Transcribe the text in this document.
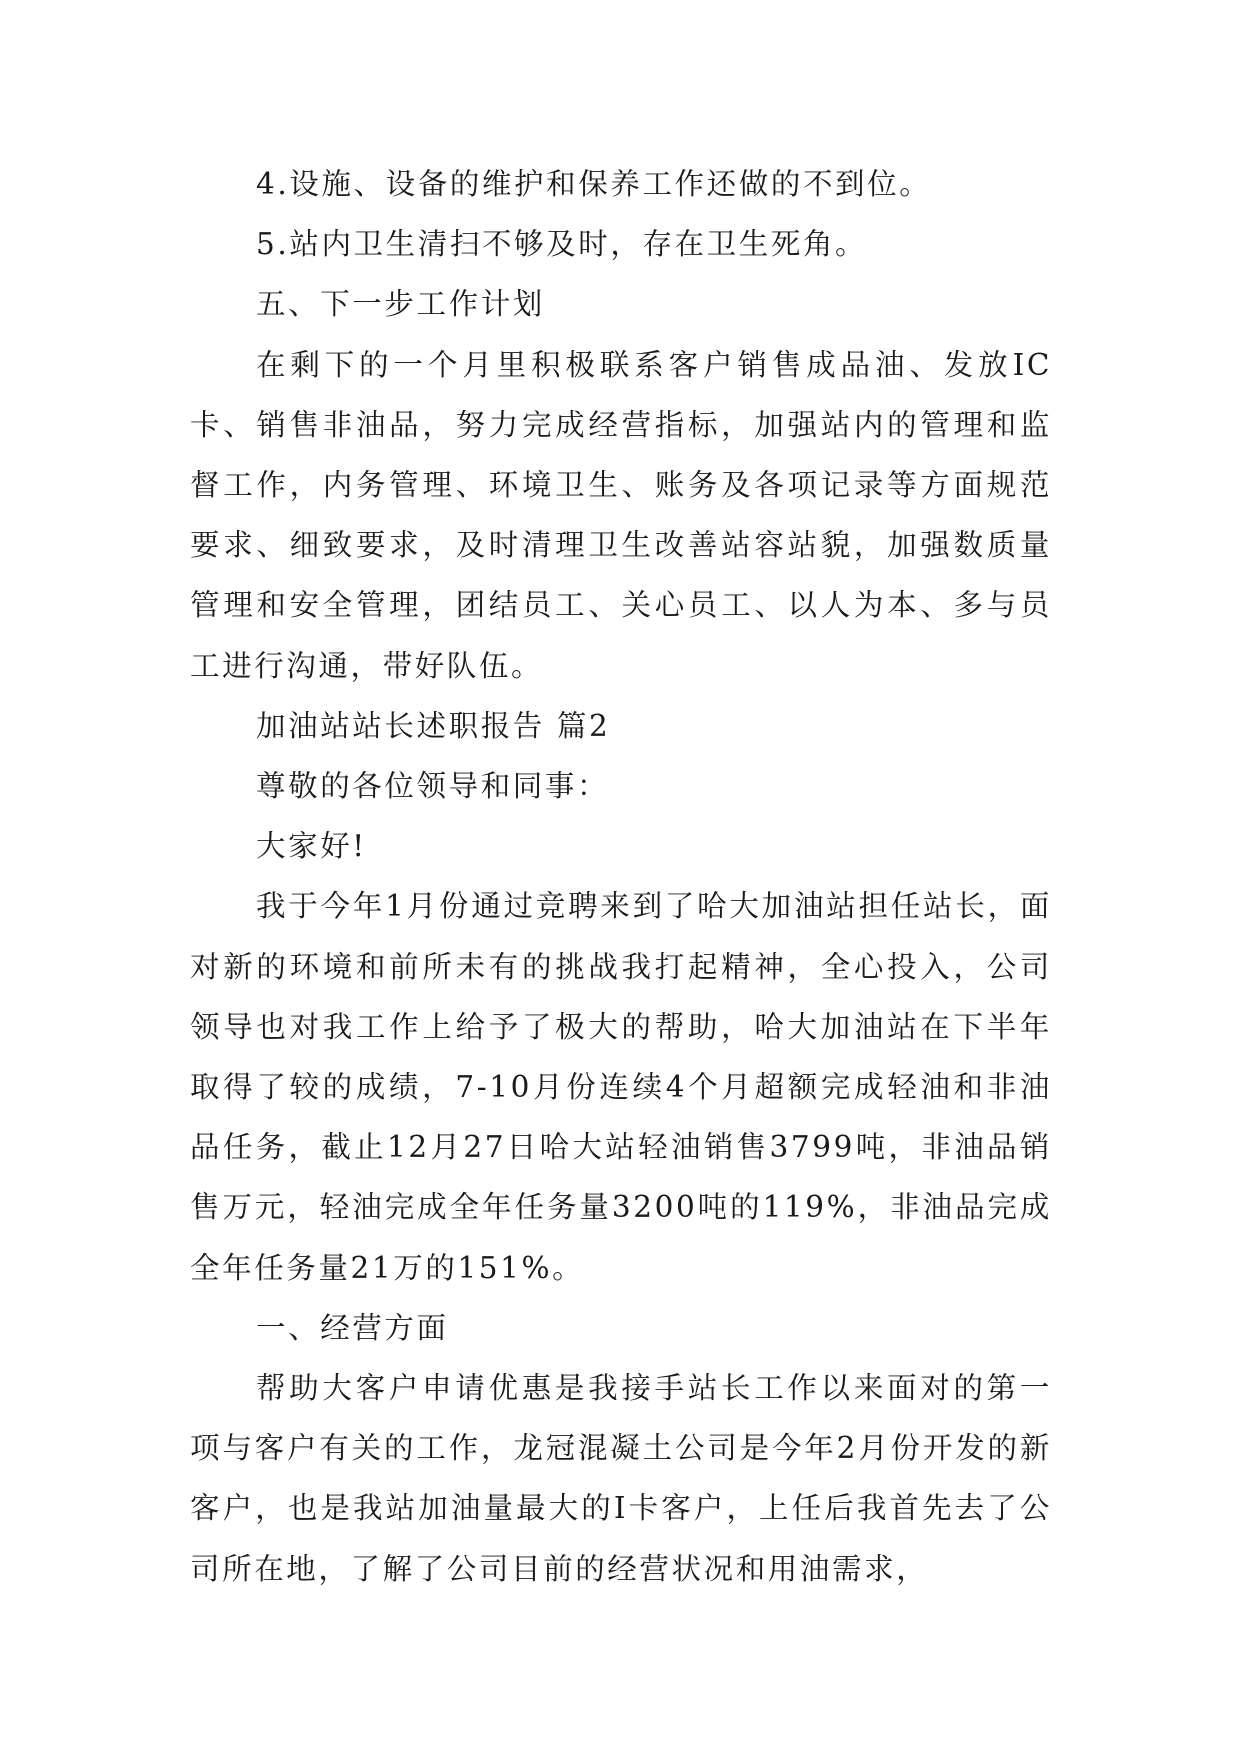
4.设施、设备的维护和保养工作还做的不到位。

5.站内卫生清扫不够及时，存在卫生死角。

五、下一步工作计划

在剩下的一个月里积极联系客户销售成品油、发放IC卡、销售非油品，努力完成经营指标，加强站内的管理和监督工作，内务管理、环境卫生、账务及各项记录等方面规范要求、细致要求，及时清理卫生改善站容站貌，加强数质量管理和安全管理，团结员工、关心员工、以人为本、多与员工进行沟通，带好队伍。

加油站站长述职报告 篇2

尊敬的各位领导和同事：

大家好!

我于今年1月份通过竞聘来到了哈大加油站担任站长，面对新的环境和前所未有的挑战我打起精神，全心投入，公司领导也对我工作上给予了极大的帮助，哈大加油站在下半年取得了较的成绩，7-10月份连续4个月超额完成轻油和非油品任务，截止12月27日哈大站轻油销售3799吨，非油品销售万元，轻油完成全年任务量3200吨的119%，非油品完成全年任务量21万的151%。

一、经营方面

帮助大客户申请优惠是我接手站长工作以来面对的第一项与客户有关的工作，龙冠混凝土公司是今年2月份开发的新客户，也是我站加油量最大的I卡客户，上任后我首先去了公司所在地，了解了公司目前的经营状况和用油需求，
